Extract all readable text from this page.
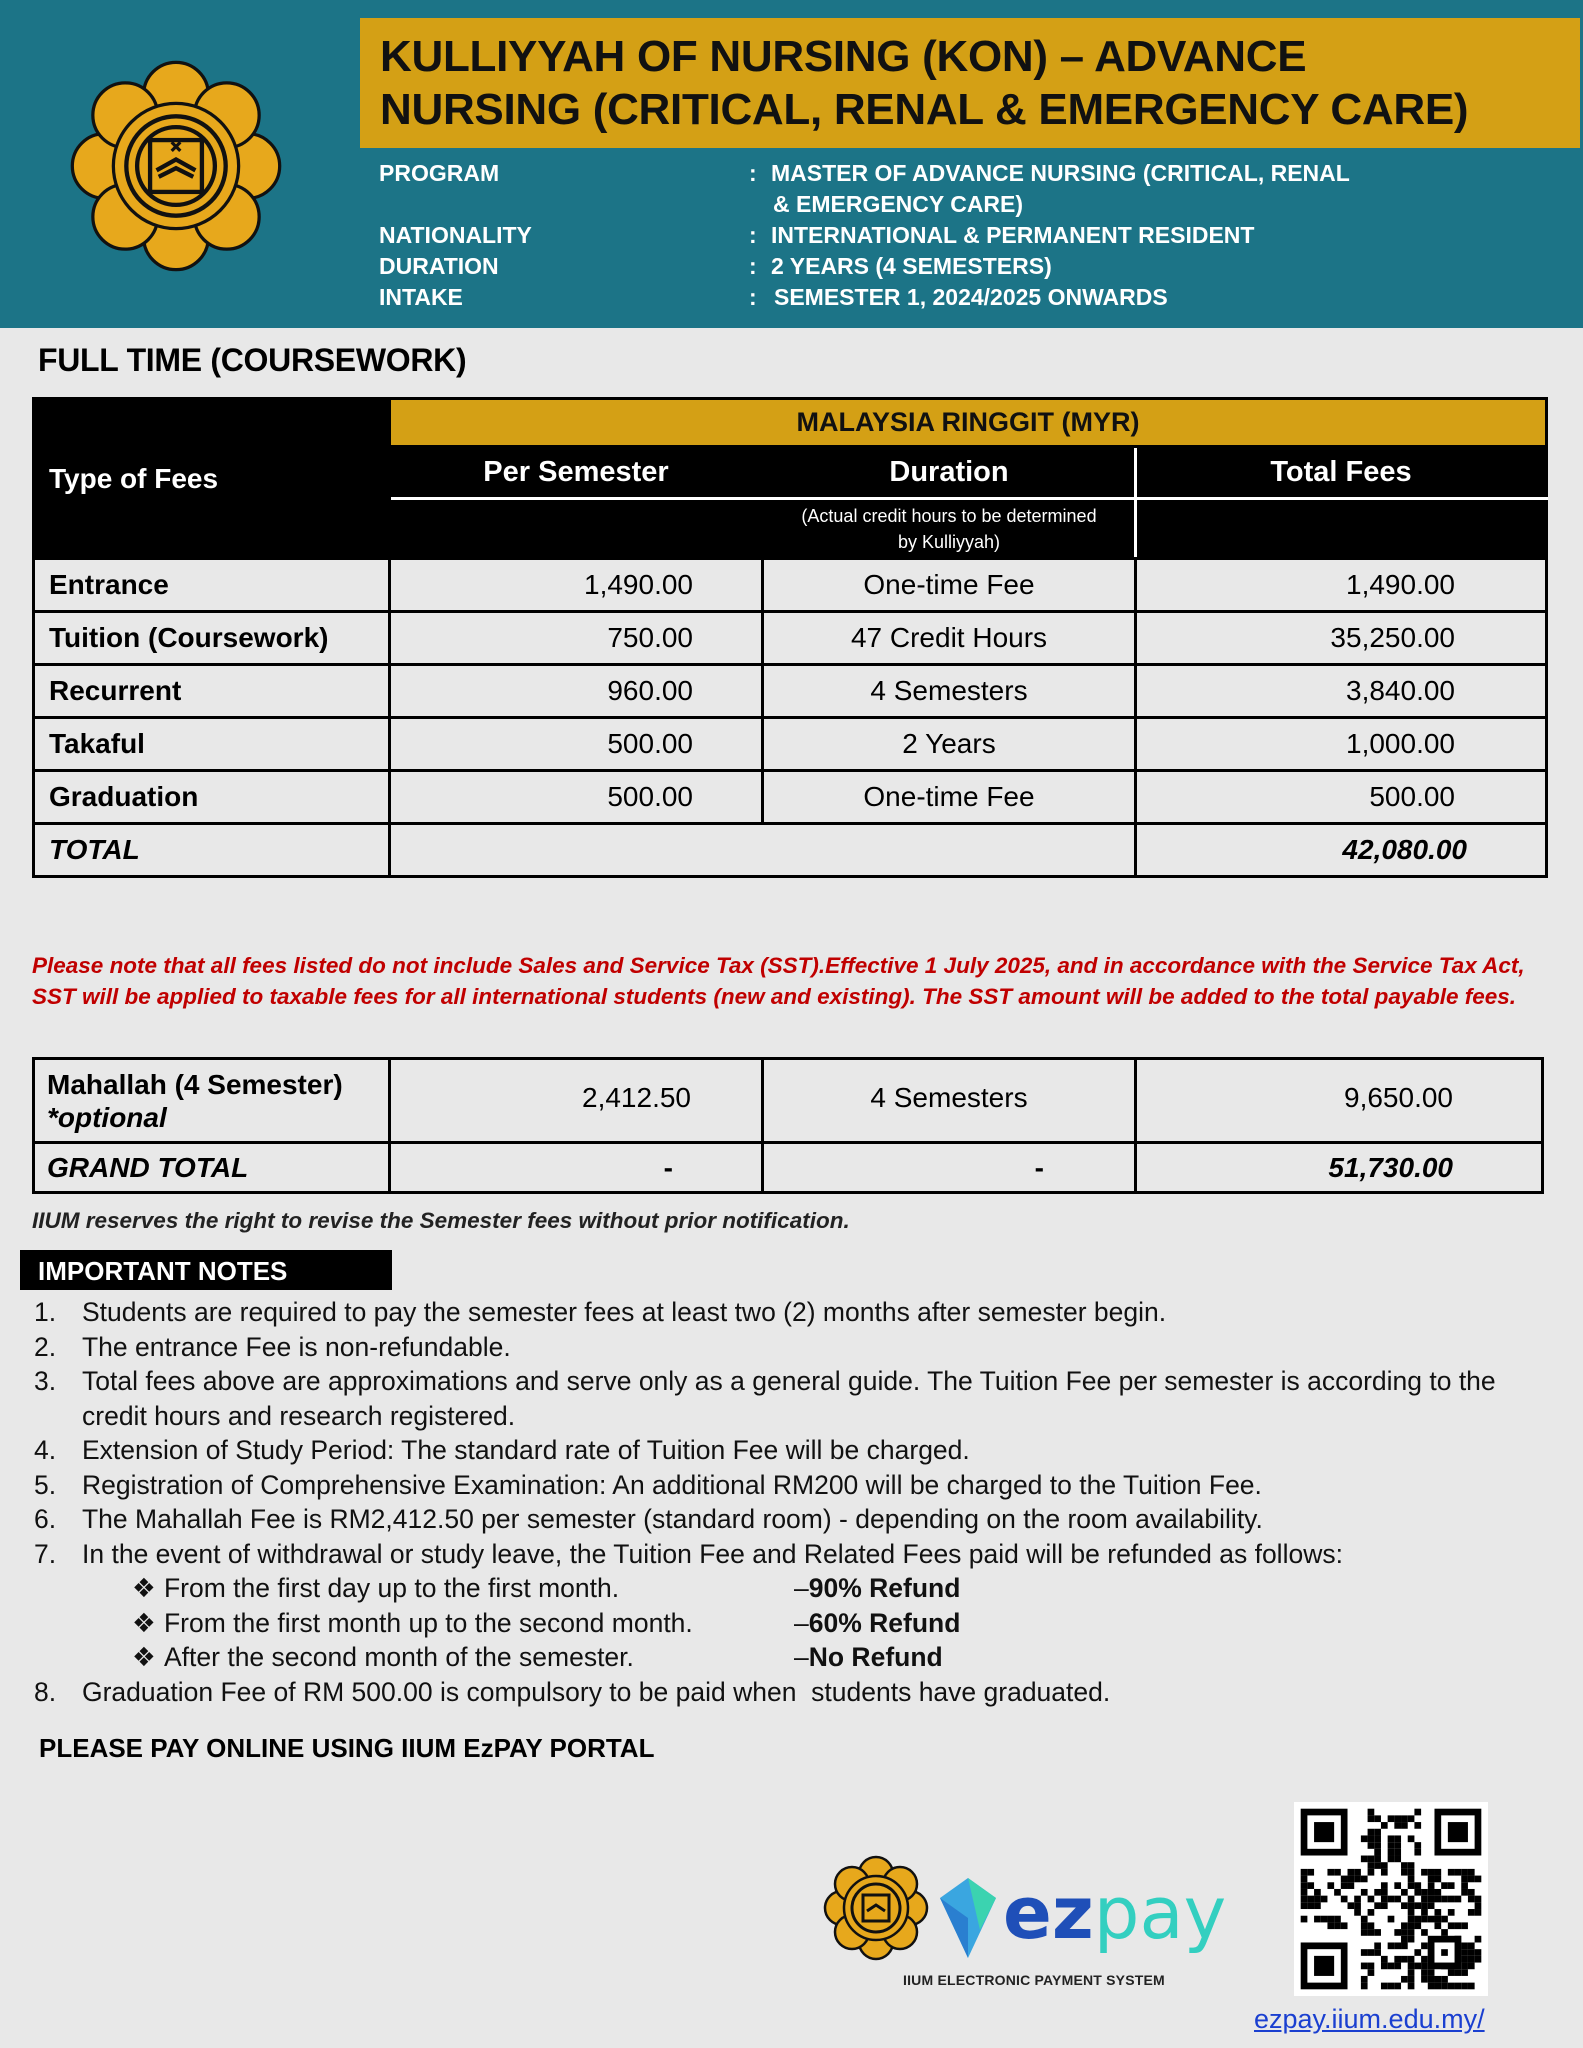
KULLIYYAH OF NURSING (KON) – ADVANCE
NURSING (CRITICAL, RENAL & EMERGENCY CARE)
PROGRAM	: MASTER OF ADVANCE NURSING (CRITICAL, RENAL
& EMERGENCY CARE)
NATIONALITY	: INTERNATIONAL & PERMANENT RESIDENT
DURATION	: 2 YEARS (4 SEMESTERS)
INTAKE	: SEMESTER 1, 2024/2025 ONWARDS
FULL TIME (COURSEWORK)
Type of Fees	MALAYSIA RINGGIT (MYR)		
	Per Semester	Duration	Total Fees

		(Actual credit hours to be determined
by Kulliyyah)	

Entrance	1,490.00	One-time Fee	1,490.00
Tuition (Coursework)	750.00	47 Credit Hours	35,250.00
Recurrent	960.00	4 Semesters	3,840.00
Takaful	500.00	2 Years	1,000.00
Graduation	500.00	One-time Fee	500.00
TOTAL			42,080.00
Please note that all fees listed do not include Sales and Service Tax (SST).Effective 1 July 2025, and in accordance with the Service Tax Act, SST will be applied to taxable fees for all international students (new and existing). The SST amount will be added to the total payable fees.
Mahallah (4 Semester)
*optional	2,412.50	4 Semesters	9,650.00
GRAND TOTAL	-	-	51,730.00
IIUM reserves the right to revise the Semester fees without prior notification.
IMPORTANT NOTES
1. Students are required to pay the semester fees at least two (2) months after semester begin.
2. The entrance Fee is non-refundable.
3. Total fees above are approximations and serve only as a general guide. The Tuition Fee per semester is according to the credit hours and research registered.
4. Extension of Study Period: The standard rate of Tuition Fee will be charged.
5. Registration of Comprehensive Examination: An additional RM200 will be charged to the Tuition Fee.
6. The Mahallah Fee is RM2,412.50 per semester (standard room) - depending on the room availability.
7. In the event of withdrawal or study leave, the Tuition Fee and Related Fees paid will be refunded as follows:
❖ From the first day up to the first month.	– 90% Refund
❖ From the first month up to the second month.	– 60% Refund
❖ After the second month of the semester.	– No Refund
8. Graduation Fee of RM 500.00 is compulsory to be paid when  students have graduated.
PLEASE PAY ONLINE USING IIUM EzPAY PORTAL
ezpay
IIUM ELECTRONIC PAYMENT SYSTEM
ezpay.iium.edu.my/
